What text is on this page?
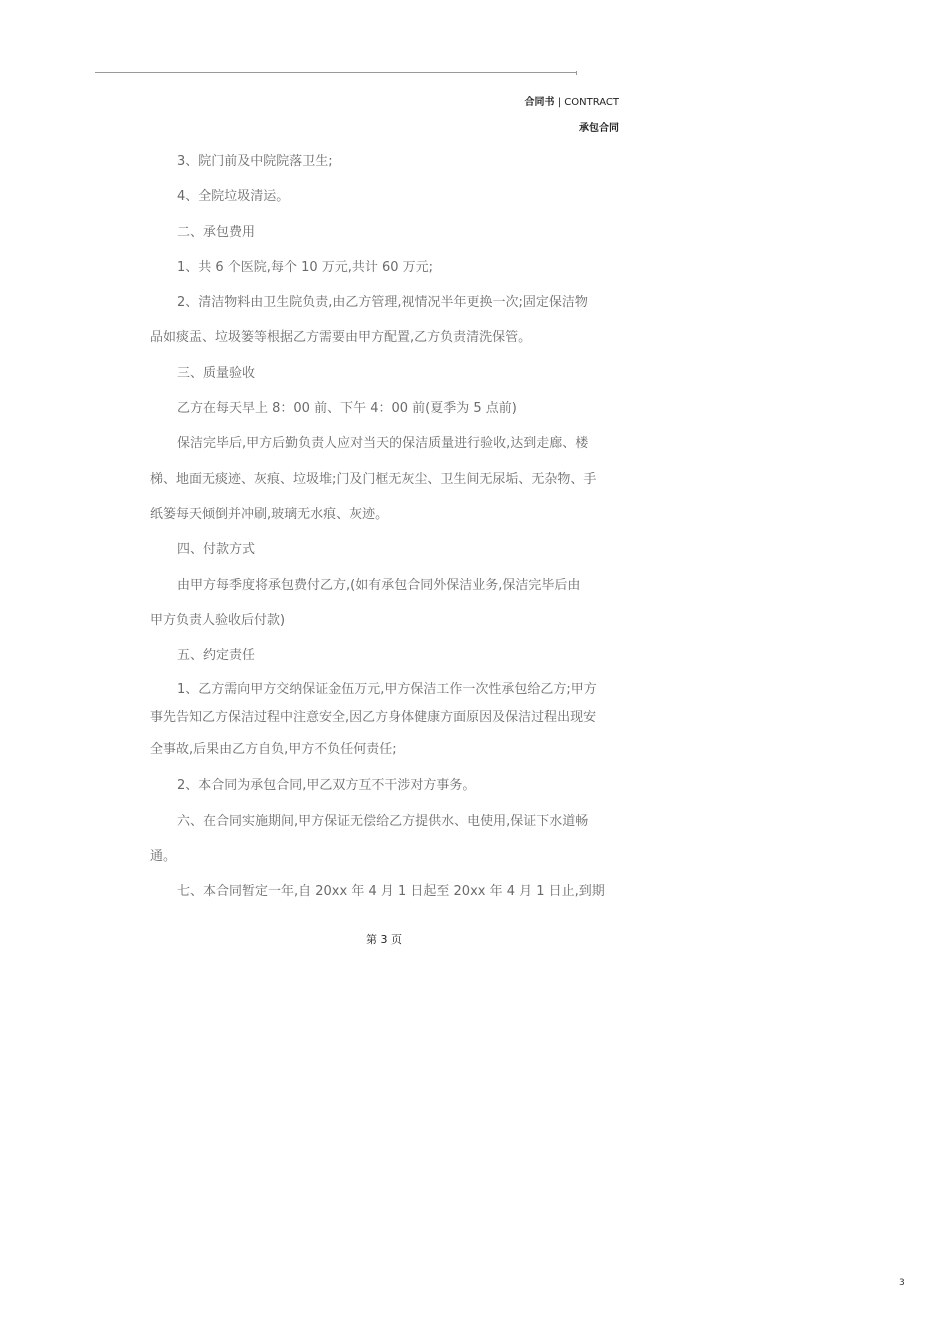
合同书 | CONTRACT
承包合同

3、院门前及中院院落卫生;

4、全院垃圾清运。

二、承包费用

1、共 6 个医院,每个 10 万元,共计 60 万元;

2、清洁物料由卫生院负责,由乙方管理,视情况半年更换一次;固定保洁物

品如痰盂、垃圾篓等根据乙方需要由甲方配置,乙方负责清洗保管。

三、质量验收

乙方在每天早上 8：00 前、下午 4：00 前(夏季为 5 点前)

保洁完毕后,甲方后勤负责人应对当天的保洁质量进行验收,达到走廊、楼

梯、地面无痰迹、灰痕、垃圾堆;门及门框无灰尘、卫生间无尿垢、无杂物、手

纸篓每天倾倒并冲刷,玻璃无水痕、灰迹。

四、付款方式

由甲方每季度将承包费付乙方,(如有承包合同外保洁业务,保洁完毕后由

甲方负责人验收后付款)

五、约定责任

1、乙方需向甲方交纳保证金伍万元,甲方保洁工作一次性承包给乙方;甲方

事先告知乙方保洁过程中注意安全,因乙方身体健康方面原因及保洁过程出现安

全事故,后果由乙方自负,甲方不负任何责任;

2、本合同为承包合同,甲乙双方互不干涉对方事务。

六、在合同实施期间,甲方保证无偿给乙方提供水、电使用,保证下水道畅

通。

七、本合同暂定一年,自 20xx 年 4 月 1 日起至 20xx 年 4 月 1 日止,到期

第 3 页
3
